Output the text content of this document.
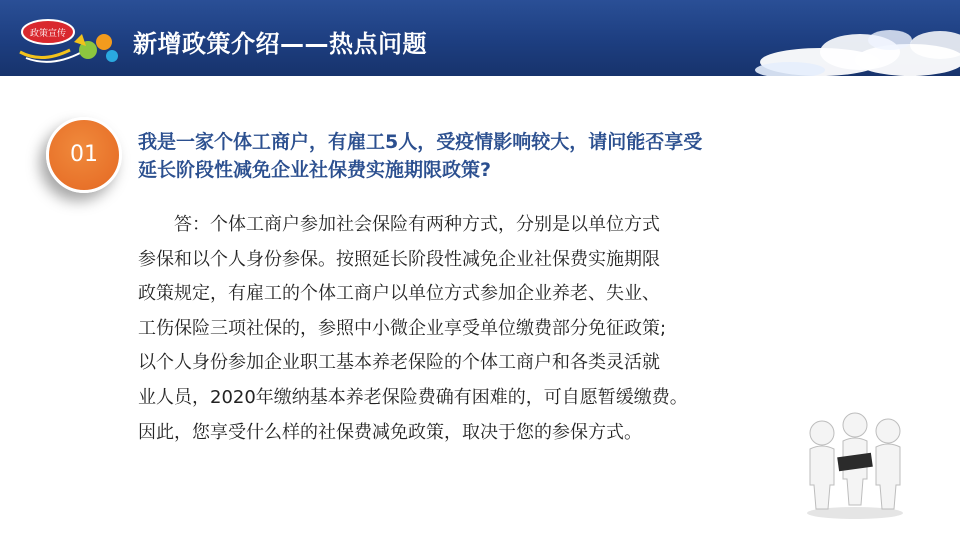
政策宣传	新增政策介绍——热点问题
01	我是一家个体工商户，有雇工5人，受疫情影响较大，请问能否享受
延长阶段性减免企业社保费实施期限政策?
答：个体工商户参加社会保险有两种方式，分别是以单位方式
参保和以个人身份参保。按照延长阶段性减免企业社保费实施期限
政策规定，有雇工的个体工商户以单位方式参加企业养老、失业、
工伤保险三项社保的，参照中小微企业享受单位缴费部分免征政策;
以个人身份参加企业职工基本养老保险的个体工商户和各类灵活就
业人员，2020年缴纳基本养老保险费确有困难的，可自愿暂缓缴费。
因此，您享受什么样的社保费减免政策，取决于您的参保方式。
